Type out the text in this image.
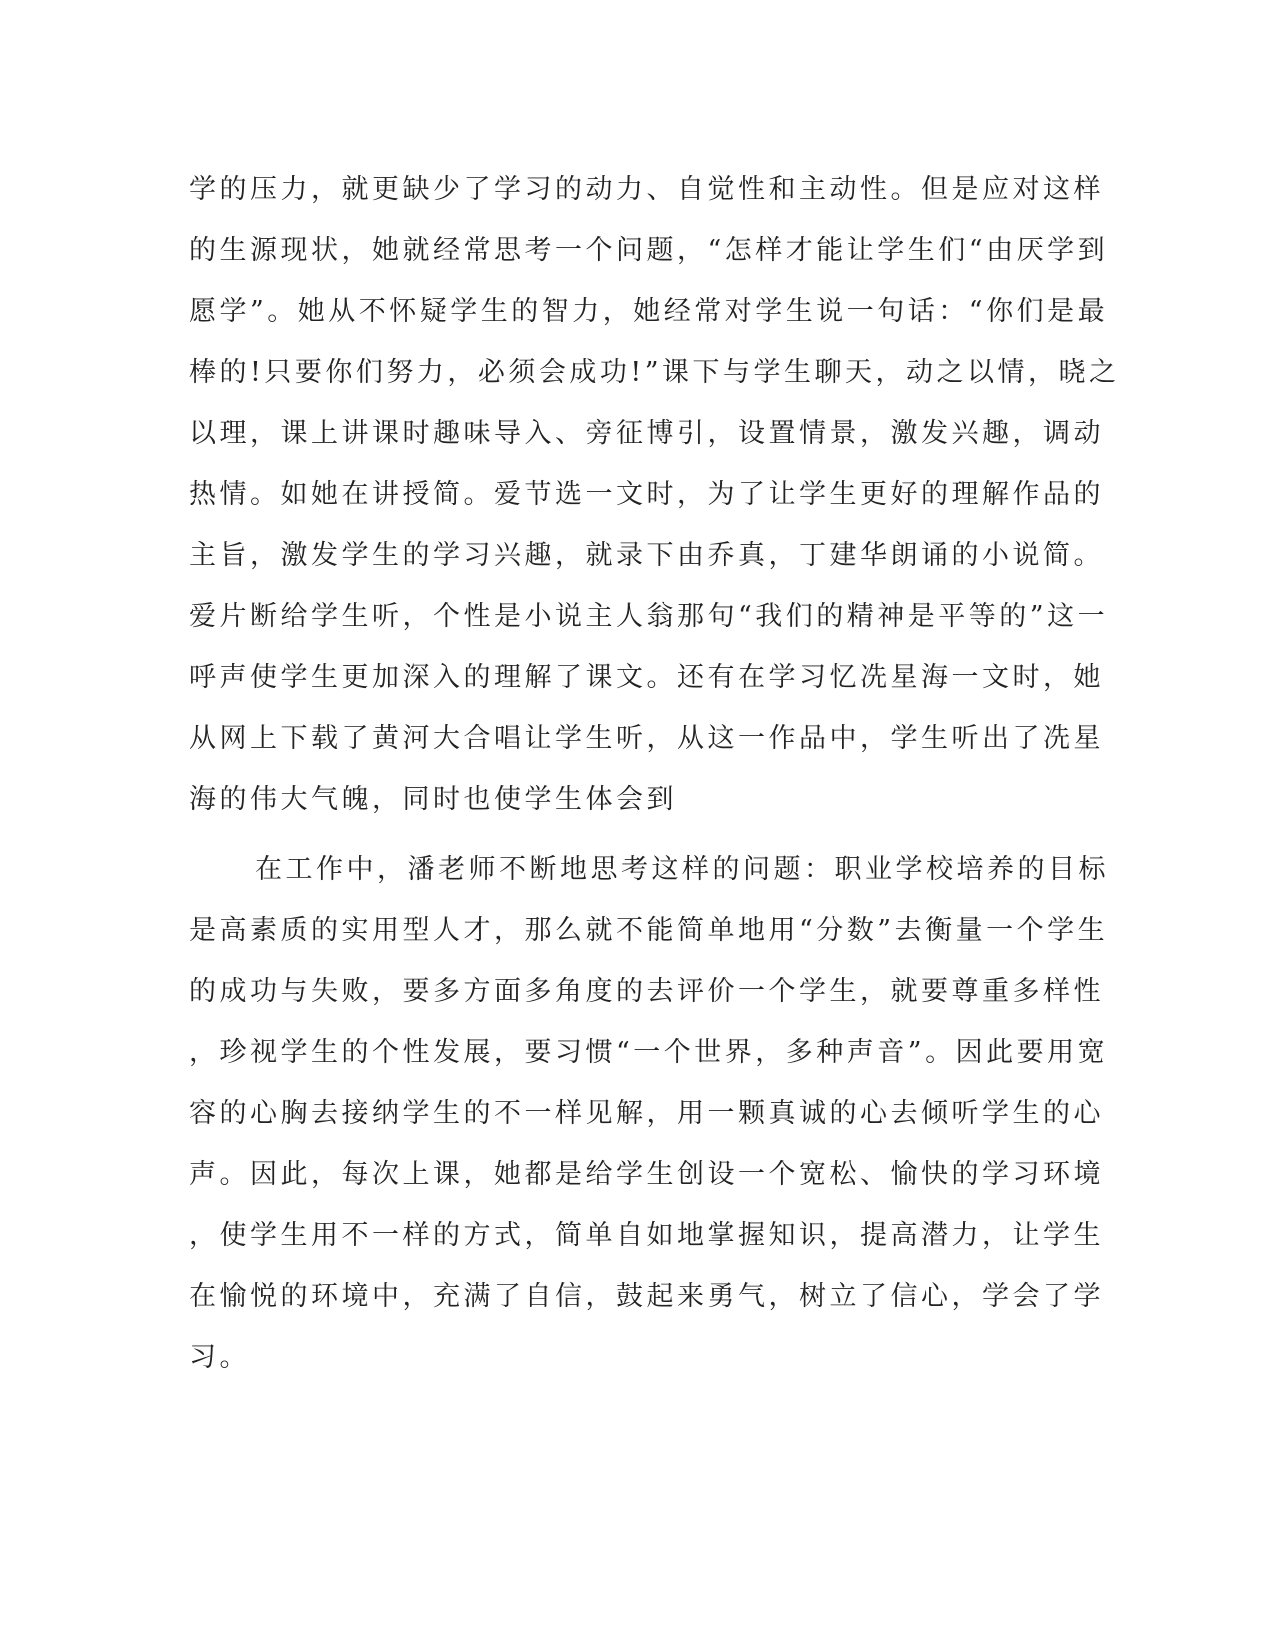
学的压力，就更缺少了学习的动力、自觉性和主动性。但是应对这样
的生源现状，她就经常思考一个问题，“怎样才能让学生们“由厌学到
愿学”。她从不怀疑学生的智力，她经常对学生说一句话：“你们是最
棒的!只要你们努力，必须会成功!”课下与学生聊天，动之以情，晓之
以理，课上讲课时趣味导入、旁征博引，设置情景，激发兴趣，调动
热情。如她在讲授简。爱节选一文时，为了让学生更好的理解作品的
主旨，激发学生的学习兴趣，就录下由乔真，丁建华朗诵的小说简。
爱片断给学生听，个性是小说主人翁那句“我们的精神是平等的”这一
呼声使学生更加深入的理解了课文。还有在学习忆冼星海一文时，她
从网上下载了黄河大合唱让学生听，从这一作品中，学生听出了冼星
海的伟大气魄，同时也使学生体会到
在工作中，潘老师不断地思考这样的问题：职业学校培养的目标
是高素质的实用型人才，那么就不能简单地用“分数”去衡量一个学生
的成功与失败，要多方面多角度的去评价一个学生，就要尊重多样性
，珍视学生的个性发展，要习惯“一个世界，多种声音”。因此要用宽
容的心胸去接纳学生的不一样见解，用一颗真诚的心去倾听学生的心
声。因此，每次上课，她都是给学生创设一个宽松、愉快的学习环境
，使学生用不一样的方式，简单自如地掌握知识，提高潜力，让学生
在愉悦的环境中，充满了自信，鼓起来勇气，树立了信心，学会了学
习。
